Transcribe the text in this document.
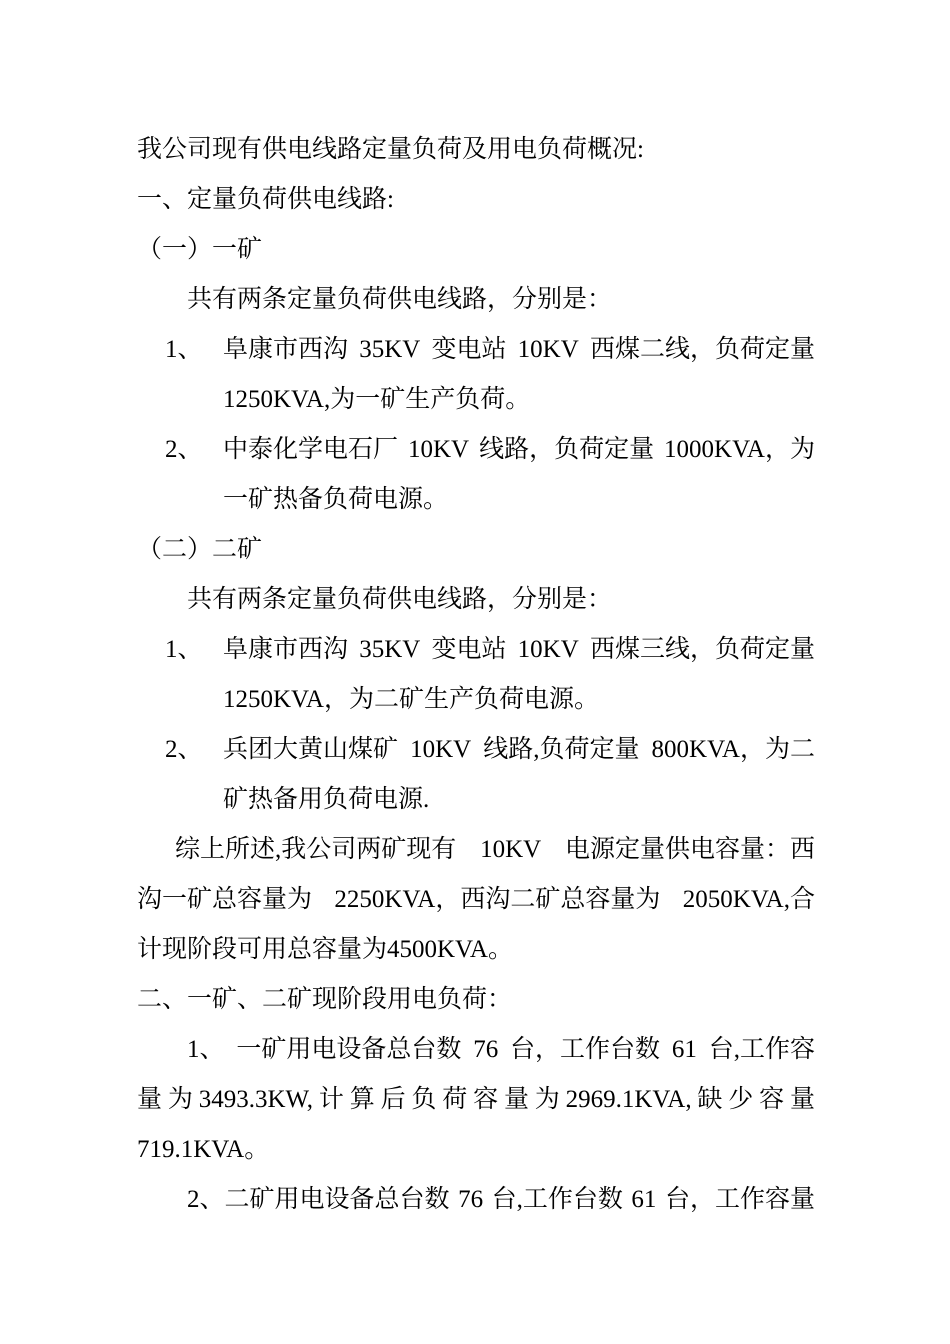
我公司现有供电线路定量负荷及用电负荷概况:
一、定量负荷供电线路:
（一）一矿
共有两条定量负荷供电线路，分别是：
1、 阜康市西沟 35KV 变电站 10KV 西煤二线，负荷定量
1250KVA,为一矿生产负荷。
2、 中泰化学电石厂 10KV 线路，负荷定量 1000KVA，为
一矿热备负荷电源。
（二）二矿
共有两条定量负荷供电线路，分别是：
1、 阜康市西沟 35KV 变电站 10KV 西煤三线，负荷定量
1250KVA，为二矿生产负荷电源。
2、 兵团大黄山煤矿 10KV 线路,负荷定量 800KVA，为二
矿热备用负荷电源.
综上所述,我公司两矿现有 10KV 电源定量供电容量：西
沟一矿总容量为 2250KVA，西沟二矿总容量为 2050KVA,合
计现阶段可用总容量为4500KVA。
二、一矿、二矿现阶段用电负荷：
1、 一矿用电设备总台数 76 台，工作台数 61 台,工作容
量 为 3493.3KW, 计 算 后 负 荷 容 量 为 2969.1KVA, 缺 少 容 量
719.1KVA。
2、二矿用电设备总台数 76 台,工作台数 61 台，工作容量
